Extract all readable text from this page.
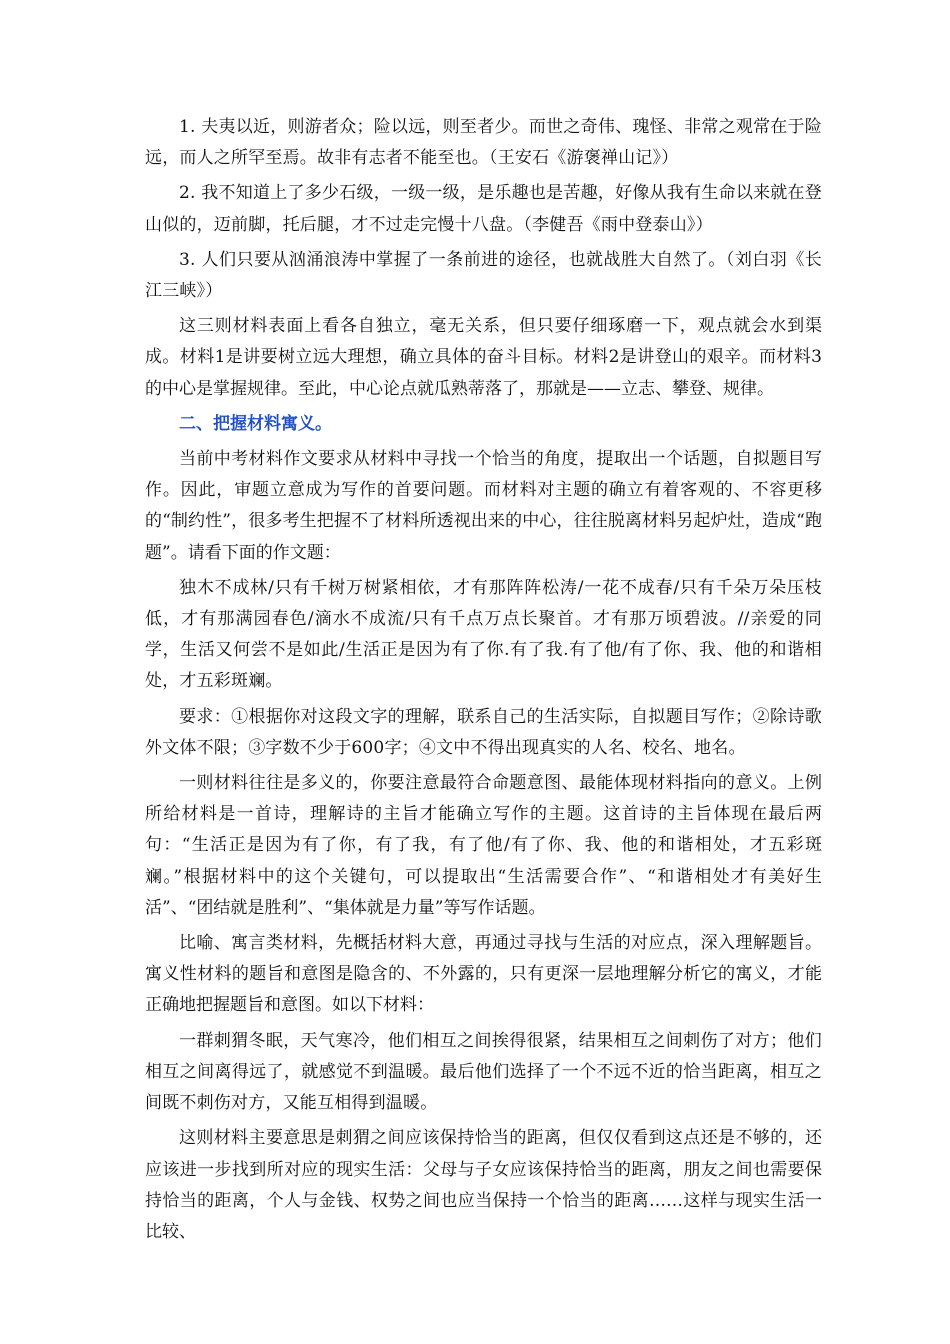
1. 夫夷以近，则游者众；险以远，则至者少。而世之奇伟、瑰怪、非常之观常在于险远，而人之所罕至焉。故非有志者不能至也。（王安石《游褒禅山记》）

2. 我不知道上了多少石级，一级一级，是乐趣也是苦趣，好像从我有生命以来就在登山似的，迈前脚，托后腿，才不过走完慢十八盘。（李健吾《雨中登泰山》）

3. 人们只要从汹涌浪涛中掌握了一条前进的途径，也就战胜大自然了。（刘白羽《长江三峡》）

这三则材料表面上看各自独立，毫无关系，但只要仔细琢磨一下，观点就会水到渠成。材料1是讲要树立远大理想，确立具体的奋斗目标。材料2是讲登山的艰辛。而材料3的中心是掌握规律。至此，中心论点就瓜熟蒂落了，那就是——立志、攀登、规律。

二、把握材料寓义。

当前中考材料作文要求从材料中寻找一个恰当的角度，提取出一个话题，自拟题目写作。因此，审题立意成为写作的首要问题。而材料对主题的确立有着客观的、不容更移的“制约性”，很多考生把握不了材料所透视出来的中心，往往脱离材料另起炉灶，造成“跑题”。请看下面的作文题：

独木不成林/只有千树万树紧相依，才有那阵阵松涛/一花不成春/只有千朵万朵压枝低，才有那满园春色/滴水不成流/只有千点万点长聚首。才有那万顷碧波。//亲爱的同学，生活又何尝不是如此/生活正是因为有了你.有了我.有了他/有了你、我、他的和谐相处，才五彩斑斓。

要求：①根据你对这段文字的理解，联系自己的生活实际，自拟题目写作；②除诗歌外文体不限；③字数不少于600字；④文中不得出现真实的人名、校名、地名。

一则材料往往是多义的，你要注意最符合命题意图、最能体现材料指向的意义。上例所给材料是一首诗，理解诗的主旨才能确立写作的主题。这首诗的主旨体现在最后两句：“生活正是因为有了你，有了我，有了他/有了你、我、他的和谐相处，才五彩斑斓。”根据材料中的这个关键句，可以提取出“生活需要合作”、“和谐相处才有美好生活”、“团结就是胜利”、“集体就是力量”等写作话题。

比喻、寓言类材料，先概括材料大意，再通过寻找与生活的对应点，深入理解题旨。寓义性材料的题旨和意图是隐含的、不外露的，只有更深一层地理解分析它的寓义，才能正确地把握题旨和意图。如以下材料：

一群刺猬冬眠，天气寒冷，他们相互之间挨得很紧，结果相互之间刺伤了对方；他们相互之间离得远了，就感觉不到温暖。最后他们选择了一个不远不近的恰当距离，相互之间既不刺伤对方，又能互相得到温暖。

这则材料主要意思是刺猬之间应该保持恰当的距离，但仅仅看到这点还是不够的，还应该进一步找到所对应的现实生活：父母与子女应该保持恰当的距离，朋友之间也需要保持恰当的距离，个人与金钱、权势之间也应当保持一个恰当的距离……这样与现实生活一比较、
